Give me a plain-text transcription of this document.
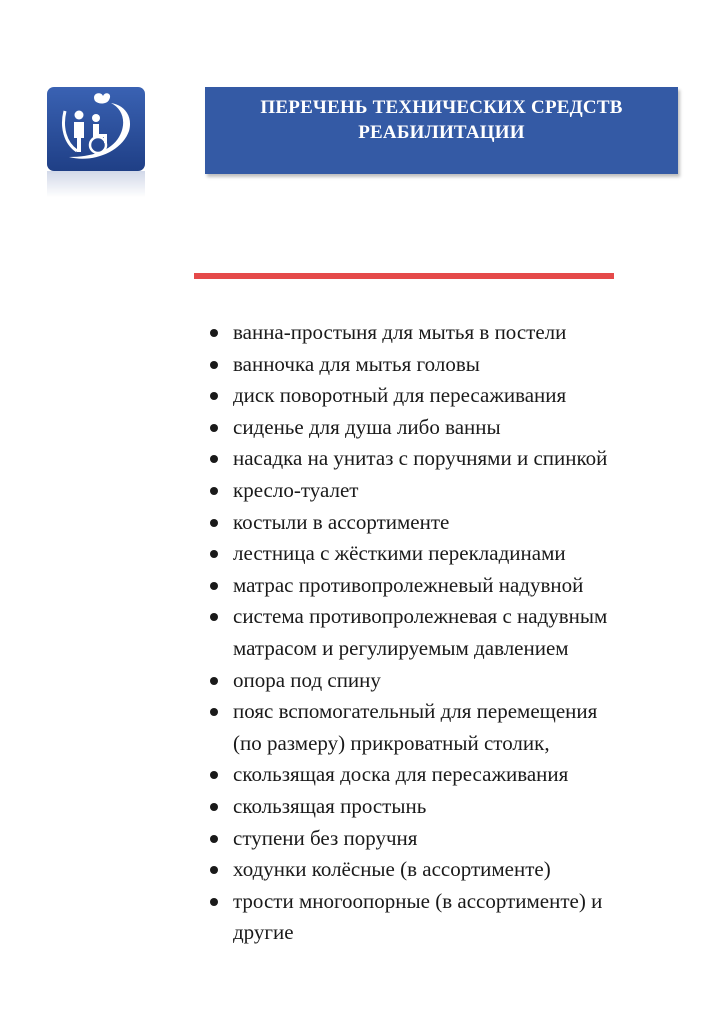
ПЕРЕЧЕНЬ ТЕХНИЧЕСКИХ СРЕДСТВ
РЕАБИЛИТАЦИИ
ванна-простыня для мытья в постели
ванночка для мытья головы
диск поворотный для пересаживания
сиденье для душа либо ванны
насадка на унитаз с поручнями и спинкой
кресло-туалет
костыли в ассортименте
лестница с жёсткими перекладинами
матрас противопролежневый надувной
система противопролежневая с надувным
матрасом и регулируемым давлением
опора под спину
пояс вспомогательный для перемещения
(по размеру) прикроватный столик,
скользящая доска для пересаживания
скользящая простынь
ступени без поручня
ходунки колёсные (в ассортименте)
трости многоопорные (в ассортименте) и
другие
